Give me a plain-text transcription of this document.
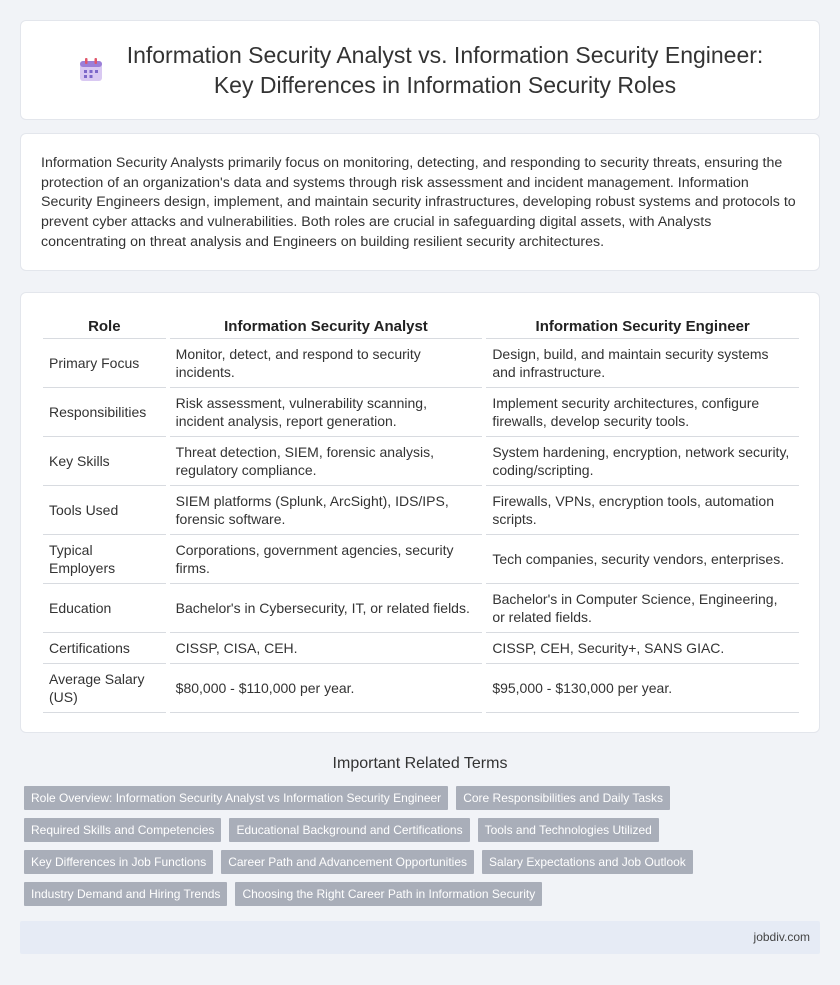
Information Security Analyst vs. Information Security Engineer:
Key Differences in Information Security Roles

Information Security Analysts primarily focus on monitoring, detecting, and responding to security threats, ensuring the protection of an organization's data and systems through risk assessment and incident management. Information Security Engineers design, implement, and maintain security infrastructures, developing robust systems and protocols to prevent cyber attacks and vulnerabilities. Both roles are crucial in safeguarding digital assets, with Analysts concentrating on threat analysis and Engineers on building resilient security architectures.

Role		Information Security Analyst		Information Security Engineer
Primary Focus		Monitor, detect, and respond to security incidents.		Design, build, and maintain security systems and infrastructure.
Responsibilities		Risk assessment, vulnerability scanning, incident analysis, report generation.		Implement security architectures, configure firewalls, develop security tools.
Key Skills		Threat detection, SIEM, forensic analysis, regulatory compliance.		System hardening, encryption, network security, coding/scripting.
Tools Used		SIEM platforms (Splunk, ArcSight), IDS/IPS, forensic software.		Firewalls, VPNs, encryption tools, automation scripts.
Typical Employers		Corporations, government agencies, security firms.		Tech companies, security vendors, enterprises.
Education		Bachelor's in Cybersecurity, IT, or related fields.		Bachelor's in Computer Science, Engineering, or related fields.
Certifications		CISSP, CISA, CEH.		CISSP, CEH, Security+, SANS GIAC.
Average Salary (US)		$80,000 - $110,000 per year.		$95,000 - $130,000 per year.
Important Related Terms
Role Overview: Information Security Analyst vs Information Security Engineer	Core Responsibilities and Daily Tasks
Required Skills and Competencies	Educational Background and Certifications	Tools and Technologies Utilized
Key Differences in Job Functions	Career Path and Advancement Opportunities	Salary Expectations and Job Outlook
Industry Demand and Hiring Trends	Choosing the Right Career Path in Information Security
jobdiv.com
